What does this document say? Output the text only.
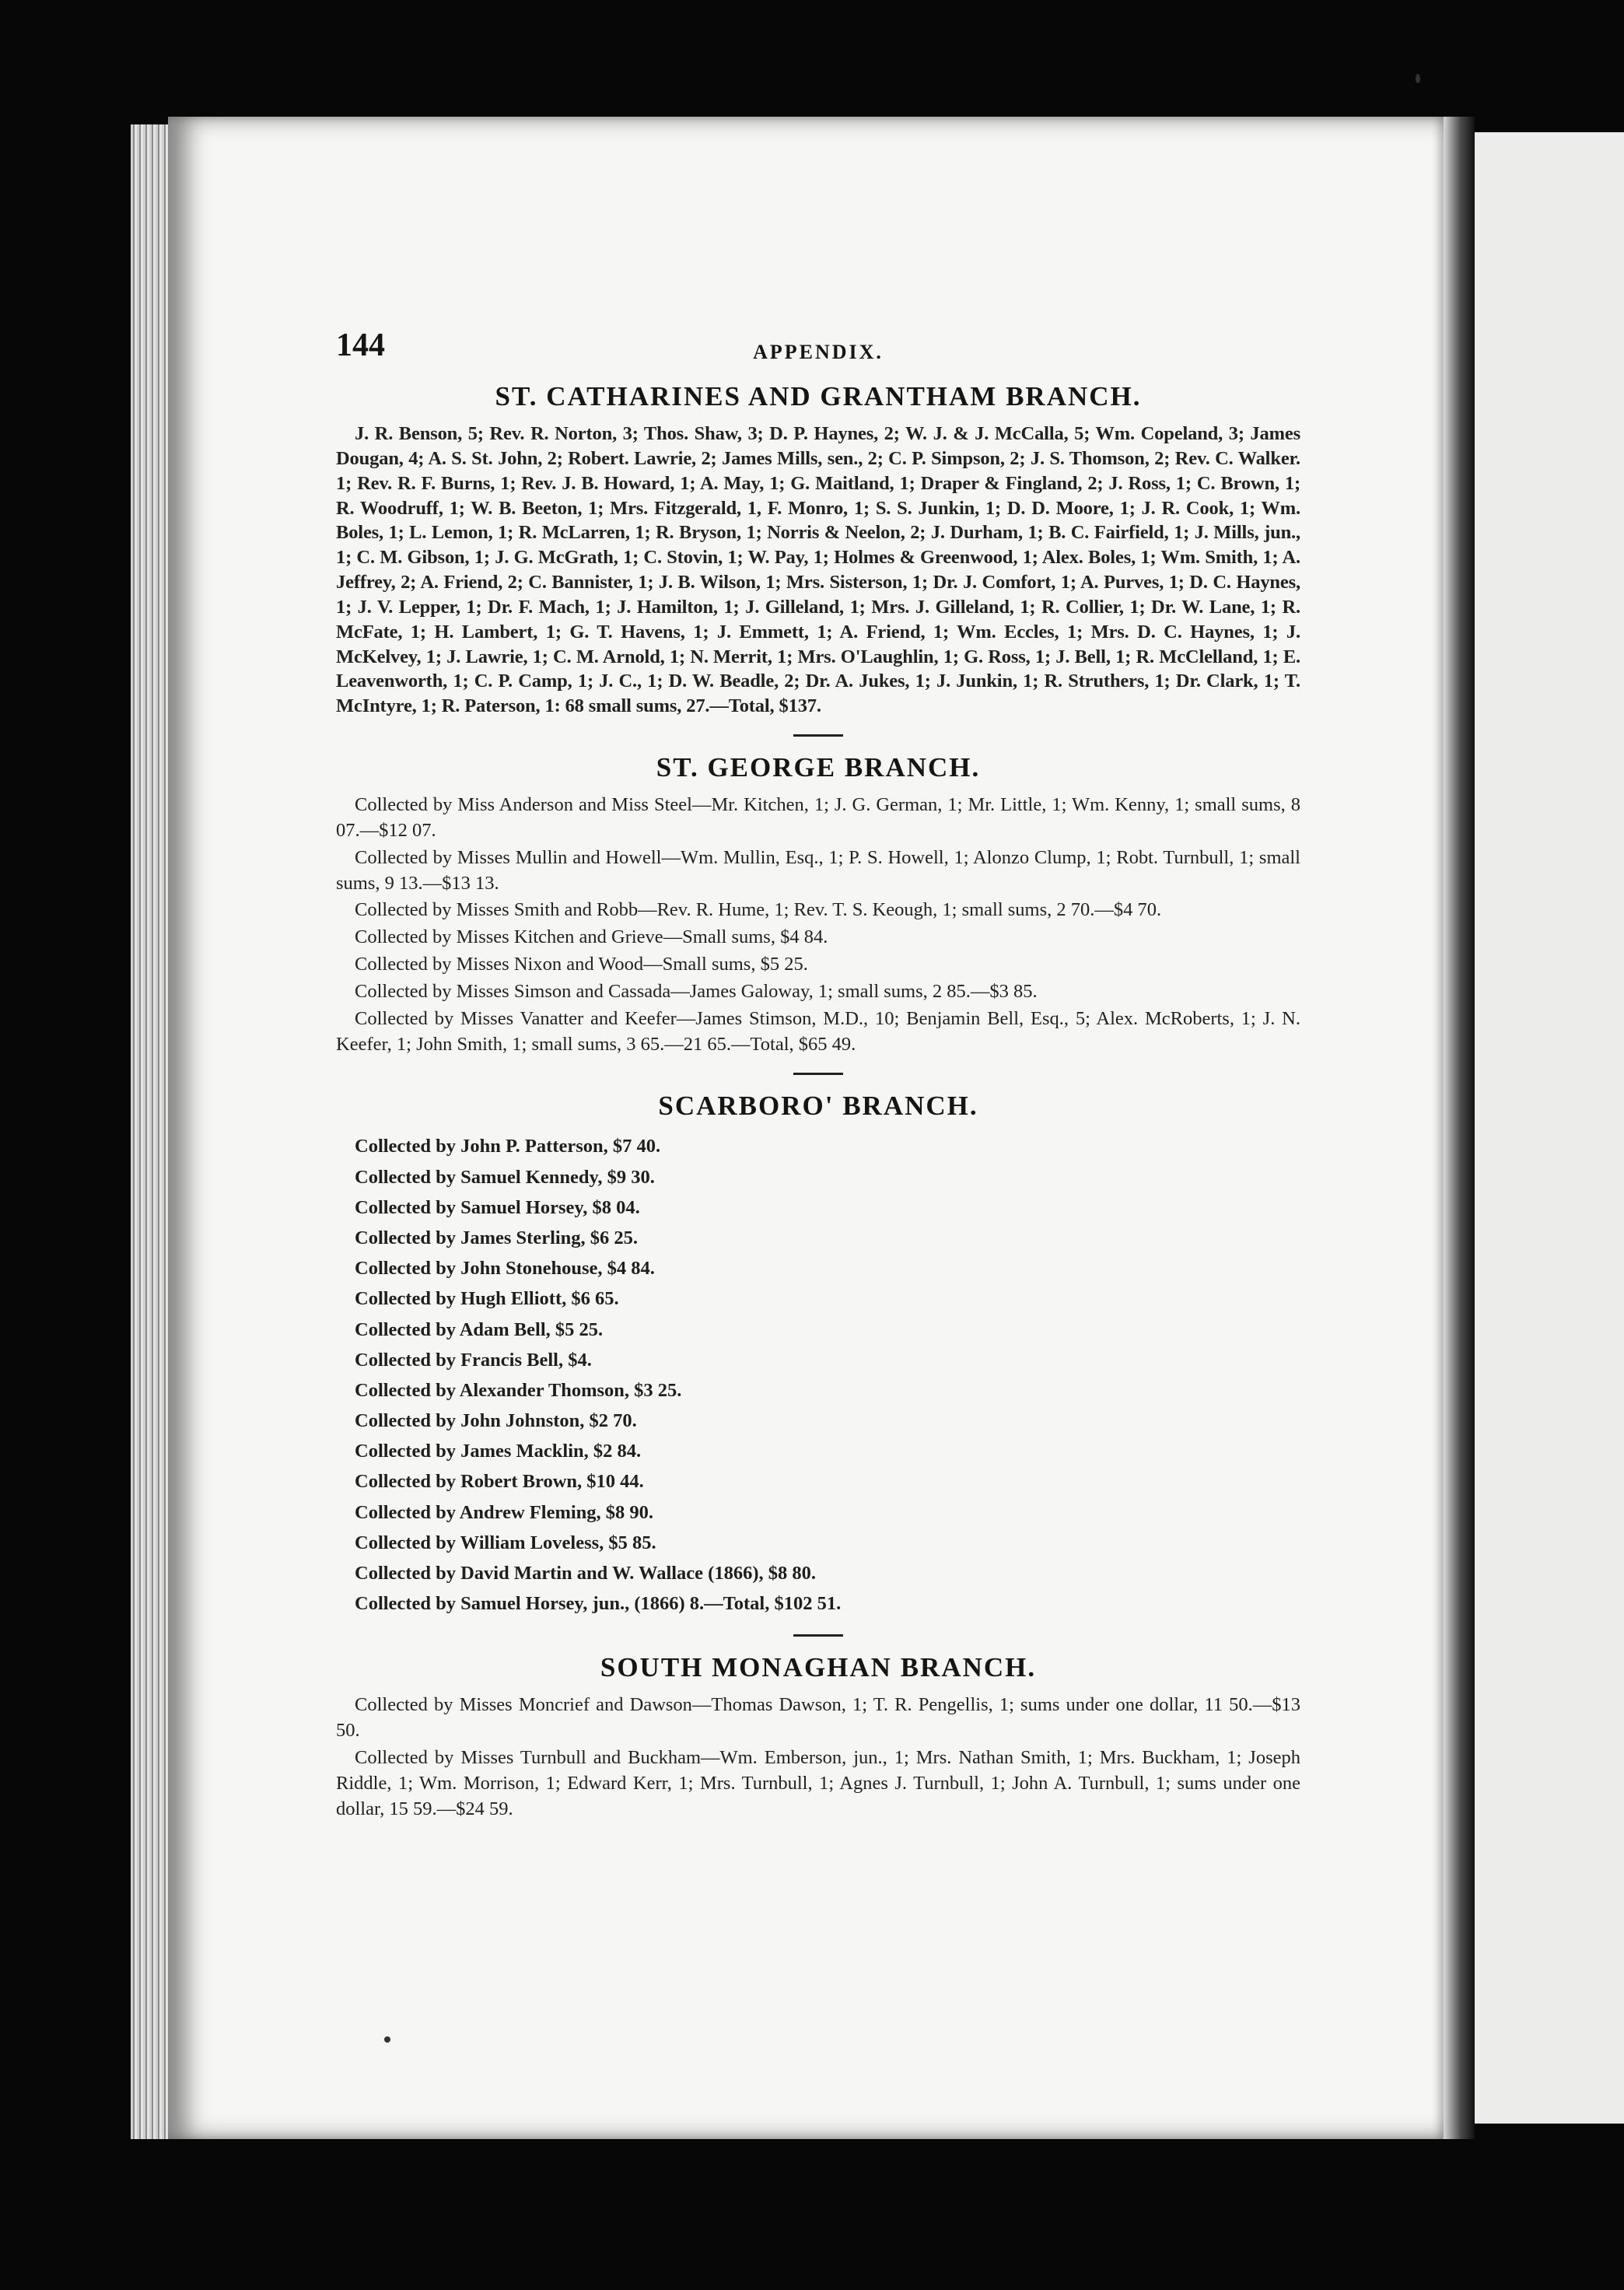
144	APPENDIX.
ST. CATHARINES AND GRANTHAM BRANCH.

J. R. Benson, 5; Rev. R. Norton, 3; Thos. Shaw, 3; D. P. Haynes, 2; W. J. & J. McCalla, 5; Wm. Copeland, 3; James Dougan, 4; A. S. St. John, 2; Robert. Lawrie, 2; James Mills, sen., 2; C. P. Simpson, 2; J. S. Thomson, 2; Rev. C. Walker. 1; Rev. R. F. Burns, 1; Rev. J. B. Howard, 1; A. May, 1; G. Maitland, 1; Draper & Fingland, 2; J. Ross, 1; C. Brown, 1; R. Woodruff, 1; W. B. Beeton, 1; Mrs. Fitzgerald, 1, F. Monro, 1; S. S. Junkin, 1; D. D. Moore, 1; J. R. Cook, 1; Wm. Boles, 1; L. Lemon, 1; R. McLarren, 1; R. Bryson, 1; Norris & Neelon, 2; J. Durham, 1; B. C. Fairfield, 1; J. Mills, jun., 1; C. M. Gibson, 1; J. G. McGrath, 1; C. Stovin, 1; W. Pay, 1; Holmes & Greenwood, 1; Alex. Boles, 1; Wm. Smith, 1; A. Jeffrey, 2; A. Friend, 2; C. Bannister, 1; J. B. Wilson, 1; Mrs. Sisterson, 1; Dr. J. Comfort, 1; A. Purves, 1; D. C. Haynes, 1; J. V. Lepper, 1; Dr. F. Mach, 1; J. Hamilton, 1; J. Gilleland, 1; Mrs. J. Gilleland, 1; R. Collier, 1; Dr. W. Lane, 1; R. McFate, 1; H. Lambert, 1; G. T. Havens, 1; J. Emmett, 1; A. Friend, 1; Wm. Eccles, 1; Mrs. D. C. Haynes, 1; J. McKelvey, 1; J. Lawrie, 1; C. M. Arnold, 1; N. Merrit, 1; Mrs. O'Laughlin, 1; G. Ross, 1; J. Bell, 1; R. McClelland, 1; E. Leavenworth, 1; C. P. Camp, 1; J. C., 1; D. W. Beadle, 2; Dr. A. Jukes, 1; J. Junkin, 1; R. Struthers, 1; Dr. Clark, 1; T. McIntyre, 1; R. Paterson, 1: 68 small sums, 27.—Total, $137.

ST. GEORGE BRANCH.

Collected by Miss Anderson and Miss Steel—Mr. Kitchen, 1; J. G. German, 1; Mr. Little, 1; Wm. Kenny, 1; small sums, 8 07.—$12 07.

Collected by Misses Mullin and Howell—Wm. Mullin, Esq., 1; P. S. Howell, 1; Alonzo Clump, 1; Robt. Turnbull, 1; small sums, 9 13.—$13 13.

Collected by Misses Smith and Robb—Rev. R. Hume, 1; Rev. T. S. Keough, 1; small sums, 2 70.—$4 70.

Collected by Misses Kitchen and Grieve—Small sums, $4 84.

Collected by Misses Nixon and Wood—Small sums, $5 25.

Collected by Misses Simson and Cassada—James Galoway, 1; small sums, 2 85.—$3 85.

Collected by Misses Vanatter and Keefer—James Stimson, M.D., 10; Benjamin Bell, Esq., 5; Alex. McRoberts, 1; J. N. Keefer, 1; John Smith, 1; small sums, 3 65.—21 65.—Total, $65 49.

SCARBORO' BRANCH.

Collected by John P. Patterson, $7 40.

Collected by Samuel Kennedy, $9 30.

Collected by Samuel Horsey, $8 04.

Collected by James Sterling, $6 25.

Collected by John Stonehouse, $4 84.

Collected by Hugh Elliott, $6 65.

Collected by Adam Bell, $5 25.

Collected by Francis Bell, $4.

Collected by Alexander Thomson, $3 25.

Collected by John Johnston, $2 70.

Collected by James Macklin, $2 84.

Collected by Robert Brown, $10 44.

Collected by Andrew Fleming, $8 90.

Collected by William Loveless, $5 85.

Collected by David Martin and W. Wallace (1866), $8 80.

Collected by Samuel Horsey, jun., (1866) 8.—Total, $102 51.

SOUTH MONAGHAN BRANCH.

Collected by Misses Moncrief and Dawson—Thomas Dawson, 1; T. R. Pengellis, 1; sums under one dollar, 11 50.—$13 50.

Collected by Misses Turnbull and Buckham—Wm. Emberson, jun., 1; Mrs. Nathan Smith, 1; Mrs. Buckham, 1; Joseph Riddle, 1; Wm. Morrison, 1; Edward Kerr, 1; Mrs. Turnbull, 1; Agnes J. Turnbull, 1; John A. Turnbull, 1; sums under one dollar, 15 59.—$24 59.
